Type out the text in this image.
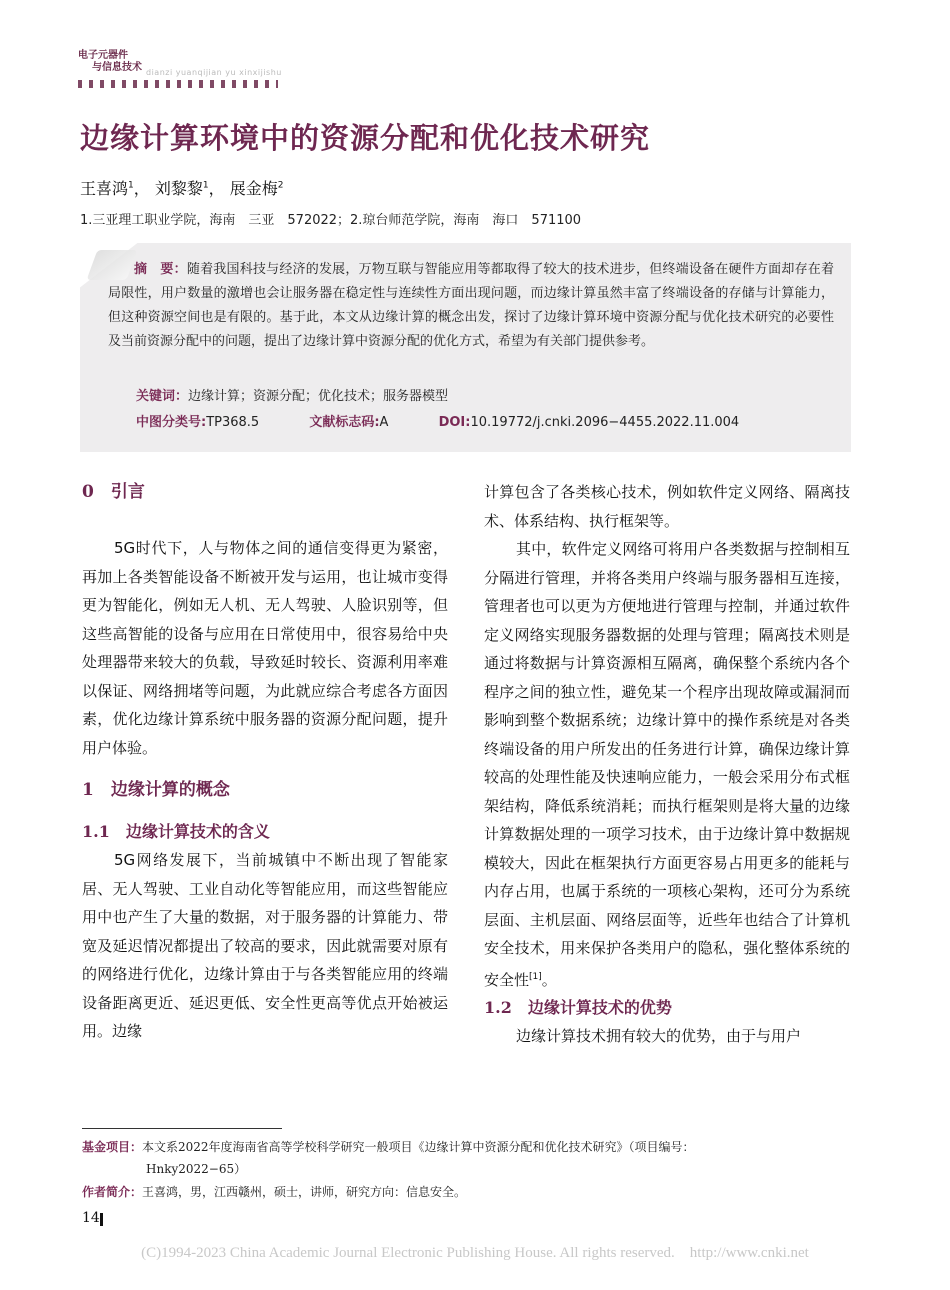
电子元器件
与信息技术 dianzi yuanqijian yu xinxijishu
边缘计算环境中的资源分配和优化技术研究
王喜鸿$^1$， 刘黎黎$^1$， 展金梅$^2$
1.三亚理工职业学院，海南　三亚　572022；2.琼台师范学院，海南　海口　571100
摘　要：随着我国科技与经济的发展，万物互联与智能应用等都取得了较大的技术进步，但终端设备在硬件方面却存在着局限性，用户数量的激增也会让服务器在稳定性与连续性方面出现问题，而边缘计算虽然丰富了终端设备的存储与计算能力，但这种资源空间也是有限的。基于此，本文从边缘计算的概念出发，探讨了边缘计算环境中资源分配与优化技术研究的必要性及当前资源分配中的问题，提出了边缘计算中资源分配的优化方式，希望为有关部门提供参考。
关键词：边缘计算；资源分配；优化技术；服务器模型
中图分类号:TP368.5	文献标志码:A	DOI:10.19772/j.cnki.2096−4455.2022.11.004
0　引言

5G时代下，人与物体之间的通信变得更为紧密，再加上各类智能设备不断被开发与运用，也让城市变得更为智能化，例如无人机、无人驾驶、人脸识别等，但这些高智能的设备与应用在日常使用中，很容易给中央处理器带来较大的负载，导致延时较长、资源利用率难以保证、网络拥堵等问题，为此就应综合考虑各方面因素，优化边缘计算系统中服务器的资源分配问题，提升用户体验。

1　边缘计算的概念
1.1　边缘计算技术的含义

5G网络发展下，当前城镇中不断出现了智能家居、无人驾驶、工业自动化等智能应用，而这些智能应用中也产生了大量的数据，对于服务器的计算能力、带宽及延迟情况都提出了较高的要求，因此就需要对原有的网络进行优化，边缘计算由于与各类智能应用的终端设备距离更近、延迟更低、安全性更高等优点开始被运用。边缘

计算包含了各类核心技术，例如软件定义网络、隔离技术、体系结构、执行框架等。

其中，软件定义网络可将用户各类数据与控制相互分隔进行管理，并将各类用户终端与服务器相互连接，管理者也可以更为方便地进行管理与控制，并通过软件定义网络实现服务器数据的处理与管理；隔离技术则是通过将数据与计算资源相互隔离，确保整个系统内各个程序之间的独立性，避免某一个程序出现故障或漏洞而影响到整个数据系统；边缘计算中的操作系统是对各类终端设备的用户所发出的任务进行计算，确保边缘计算较高的处理性能及快速响应能力，一般会采用分布式框架结构，降低系统消耗；而执行框架则是将大量的边缘计算数据处理的一项学习技术，由于边缘计算中数据规模较大，因此在框架执行方面更容易占用更多的能耗与内存占用，也属于系统的一项核心架构，还可分为系统层面、主机层面、网络层面等，近些年也结合了计算机安全技术，用来保护各类用户的隐私，强化整体系统的安全性[1]。

1.2　边缘计算技术的优势

边缘计算技术拥有较大的优势，由于与用户

基金项目：本文系2022年度海南省高等学校科学研究一般项目《边缘计算中资源分配和优化技术研究》（项目编号：
Hnky2022−65）
作者简介：王喜鸿，男，江西赣州，硕士，讲师，研究方向：信息安全。
14
(C)1994-2023 China Academic Journal Electronic Publishing House. All rights reserved.　http://www.cnki.net
